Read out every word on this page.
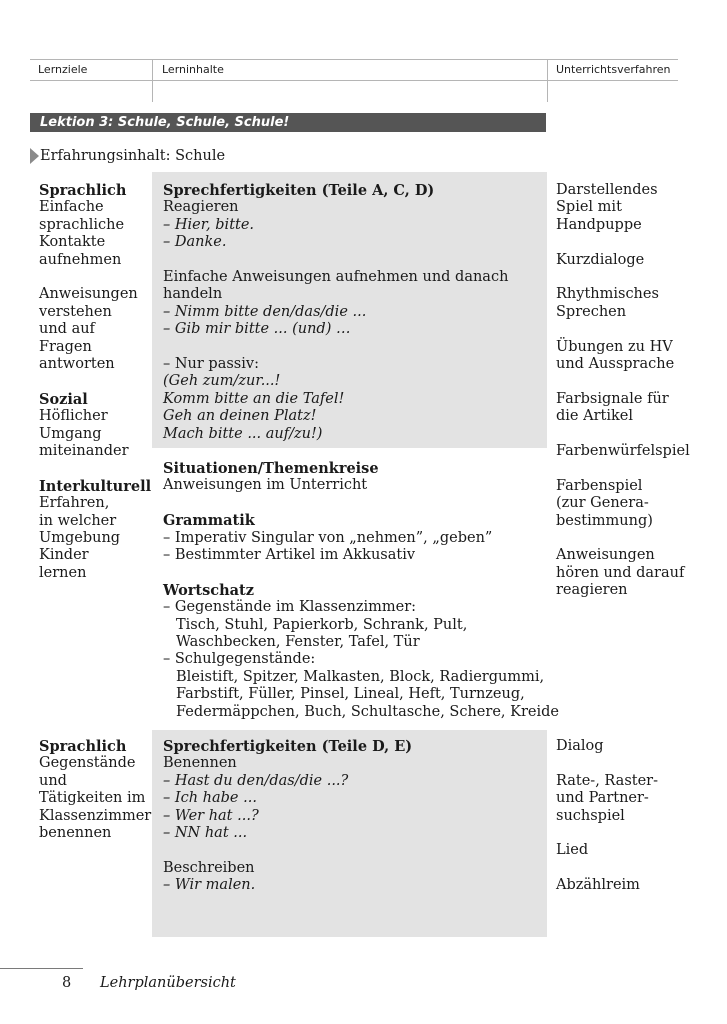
Lernziele	Lerninhalte	Unterrichtsverfahren
Lektion 3: Schule, Schule, Schule!
Erfahrungsinhalt: Schule
Sprachlich
Einfache
sprachliche
Kontakte
aufnehmen
Anweisungen
verstehen
und auf
Fragen
antworten
Sozial
Höflicher
Umgang
miteinander
Interkulturell
Erfahren,
in welcher
Umgebung
Kinder
lernen
Sprechfertigkeiten (Teile A, C, D)
Reagieren
– Hier, bitte.
– Danke.
Einfache Anweisungen aufnehmen und danach
handeln
– Nimm bitte den/das/die ...
– Gib mir bitte ... (und) …
– Nur passiv:
(Geh zum/zur...!
Komm bitte an die Tafel!
Geh an deinen Platz!
Mach bitte ... auf/zu!)
Situationen/Themenkreise
Anweisungen im Unterricht
Grammatik
– Imperativ Singular von „nehmen”, „geben”
– Bestimmter Artikel im Akkusativ
Wortschatz
– Gegenstände im Klassenzimmer:
Tisch, Stuhl, Papierkorb, Schrank, Pult,
Waschbecken, Fenster, Tafel, Tür
– Schulgegenstände:
Bleistift, Spitzer, Malkasten, Block, Radiergummi,
Farbstift, Füller, Pinsel, Lineal, Heft, Turnzeug,
Federmäppchen, Buch, Schultasche, Schere, Kreide
Darstellendes
Spiel mit
Handpuppe
Kurzdialoge
Rhythmisches
Sprechen
Übungen zu HV
und Aussprache
Farbsignale für
die Artikel
Farbenwürfelspiel
Farbenspiel
(zur Genera-
bestimmung)
Anweisungen
hören und darauf
reagieren
Sprachlich
Gegenstände
und
Tätigkeiten im
Klassenzimmer
benennen
Sprechfertigkeiten (Teile D, E)
Benennen
– Hast du den/das/die ...?
– Ich habe ...
– Wer hat ...?
– NN hat ...
Beschreiben
– Wir malen.
Dialog
Rate-, Raster-
und Partner-
suchspiel
Lied
Abzählreim
8 Lehrplanübersicht
